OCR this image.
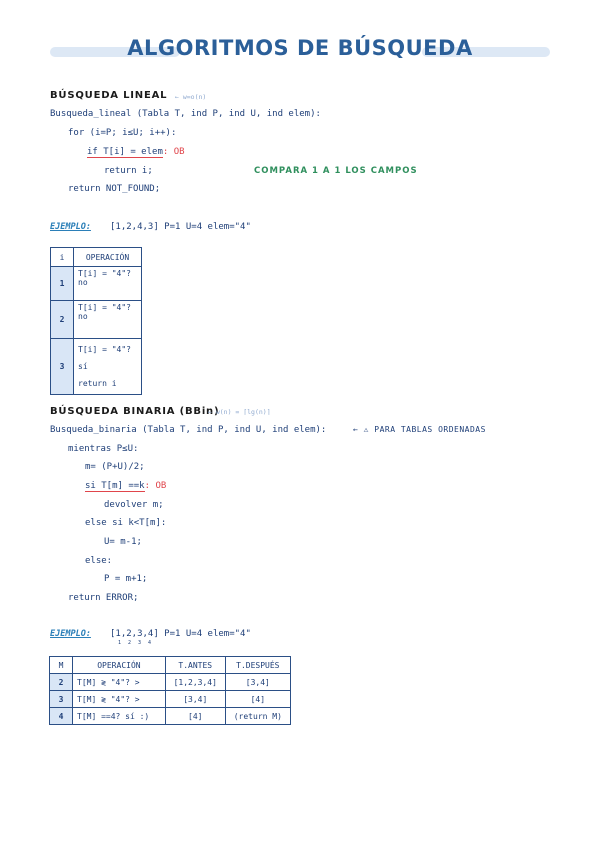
ALGORITMOS DE BÚSQUEDA
BÚSQUEDA LINEAL ← w=o(n)
Busqueda_lineal (Tabla T, ind P, ind U, ind elem):
for (i=P; i≤U; i++):
if T[i] = elem: OB
return i;	COMPARA 1 A 1 LOS CAMPOS
return NOT_FOUND;
EJEMPLO: [1,2,4,3] P=1 U=4 elem="4"
i	OPERACIÓN
1	T[i] = "4"? no
2	T[i] = "4"? no
3	T[i] = "4"? sí
return i
BÚSQUEDA BINARIA (BBin)
← w(n) = ⌈lg(n)⌉
Busqueda_binaria (Tabla T, ind P, ind U, ind elem):	← ⚠ PARA TABLAS ORDENADAS
mientras P≤U:
m= (P+U)/2;
si T[m] ==k: OB
devolver m;
else si k<T[m]:
U= m-1;
else:
P = m+1;
return ERROR;
EJEMPLO: [1,2,3,4] P=1 U=4 elem="4"
1 2 3 4
M	OPERACIÓN	T.ANTES	T.DESPUÉS
2	T[M] ≷ "4"? >	[1,2,3,4]	[3,4]
3	T[M] ≷ "4"? >	[3,4]	[4]
4	T[M] ==4? sí :)	[4]	(return M)
